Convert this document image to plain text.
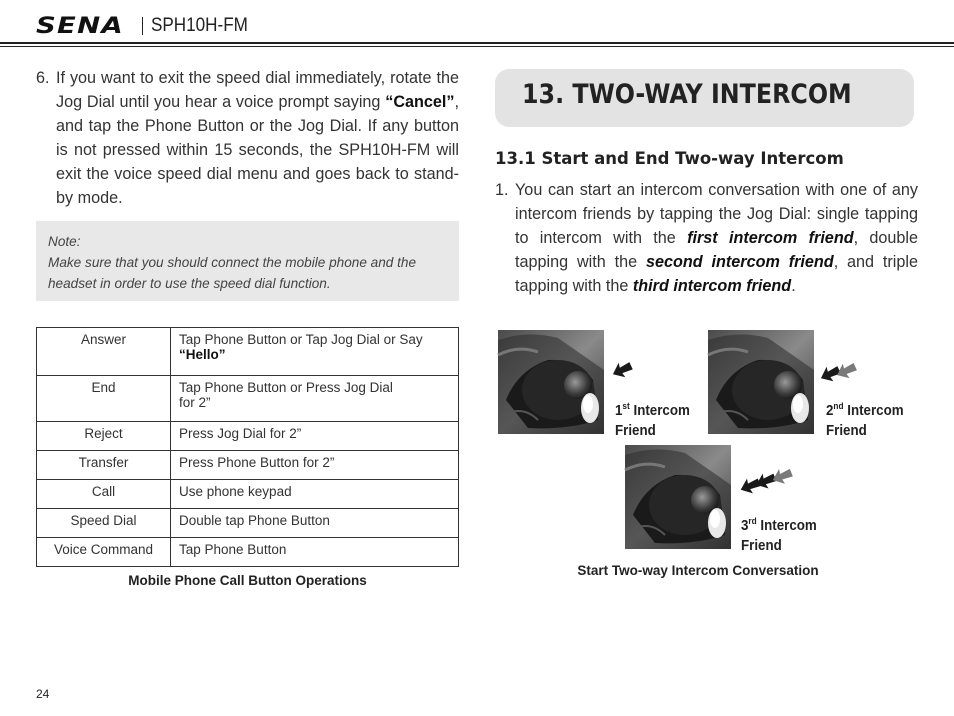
SENA	SPH10H-FM
6. If you want to exit the speed dial immediately, rotate the Jog Dial until you hear a voice prompt saying “Cancel”, and tap the Phone Button or the Jog Dial. If any button is not pressed within 15 seconds, the SPH10H-FM will exit the voice speed dial menu and goes back to stand-by mode.
Note:
Make sure that you should connect the mobile phone and the headset in order to use the speed dial function.
Answer	Tap Phone Button or Tap Jog Dial or Say
“Hello”
End	Tap Phone Button or Press Jog Dial
for 2”
Reject	Press Jog Dial for 2”
Transfer	Press Phone Button for 2”
Call	Use phone keypad
Speed Dial	Double tap Phone Button
Voice Command	Tap Phone Button
Mobile Phone Call Button Operations
13. TWO-WAY INTERCOM
13.1 Start and End Two-way Intercom
1. You can start an intercom conversation with one of any intercom friends by tapping the Jog Dial: single tapping to intercom with the first intercom friend, double tapping with the second intercom friend, and triple tapping with the third intercom friend.
1st Intercom
Friend
2nd Intercom
Friend
3rd Intercom
Friend
Start Two-way Intercom Conversation
24
